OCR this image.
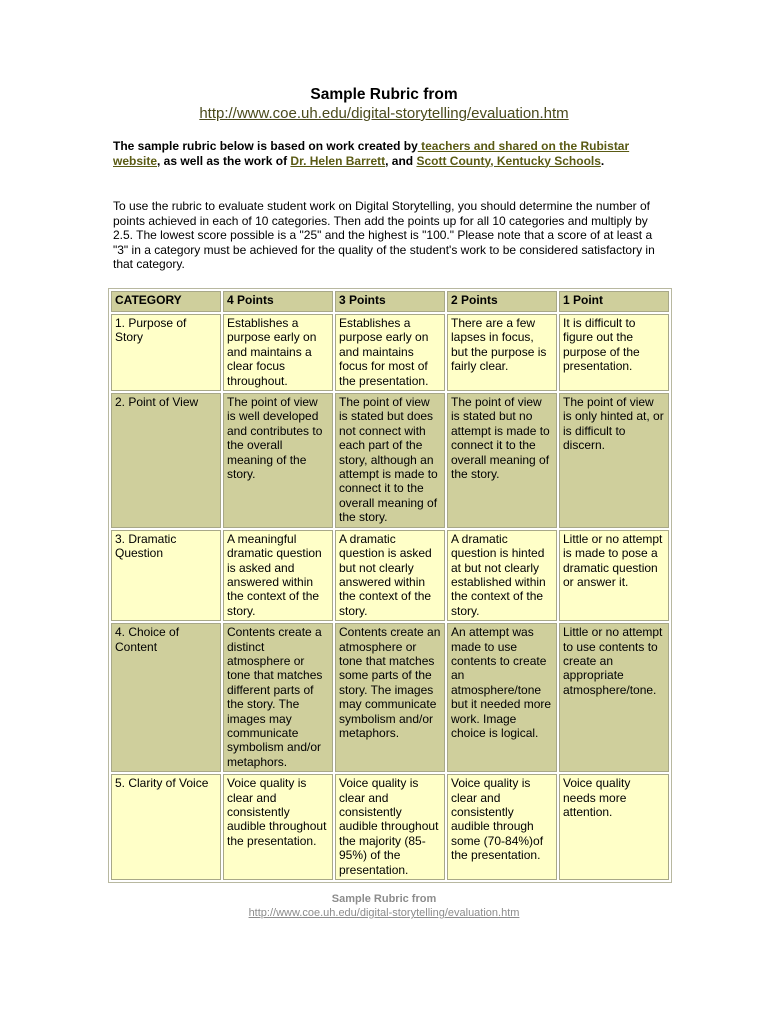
Sample Rubric from
http://www.coe.uh.edu/digital-storytelling/evaluation.htm
The sample rubric below is based on work created by teachers and shared on the Rubistar website, as well as the work of Dr. Helen Barrett, and Scott County, Kentucky Schools.
To use the rubric to evaluate student work on Digital Storytelling, you should determine the number of points achieved in each of 10 categories. Then add the points up for all 10 categories and multiply by 2.5. The lowest score possible is a "25" and the highest is "100." Please note that a score of at least a "3" in a category must be achieved for the quality of the student's work to be considered satisfactory in that category.
CATEGORY	4 Points	3 Points	2 Points	1 Point
1. Purpose of Story	Establishes a purpose early on and maintains a clear focus throughout.	Establishes a purpose early on and maintains focus for most of the presentation.	There are a few lapses in focus, but the purpose is fairly clear.	It is difficult to figure out the purpose of the presentation.
2. Point of View	The point of view is well developed and contributes to the overall meaning of the story.	The point of view is stated but does not connect with each part of the story, although an attempt is made to connect it to the overall meaning of the story.	The point of view is stated but no attempt is made to connect it to the overall meaning of the story.	The point of view is only hinted at, or is difficult to discern.
3. Dramatic Question	A meaningful dramatic question is asked and answered within the context of the story.	A dramatic question is asked but not clearly answered within the context of the story.	A dramatic question is hinted at but not clearly established within the context of the story.	Little or no attempt is made to pose a dramatic question or answer it.
4. Choice of Content	Contents create a distinct atmosphere or tone that matches different parts of the story. The images may communicate symbolism and/or metaphors.	Contents create an atmosphere or tone that matches some parts of the story. The images may communicate symbolism and/or metaphors.	An attempt was made to use contents to create an atmosphere/tone but it needed more work. Image choice is logical.	Little or no attempt to use contents to create an appropriate atmosphere/tone.
5. Clarity of Voice	Voice quality is clear and consistently audible throughout the presentation.	Voice quality is clear and consistently audible throughout the majority (85-95%) of the presentation.	Voice quality is clear and consistently audible through some (70-84%)of the presentation.	Voice quality needs more attention.
Sample Rubric from
http://www.coe.uh.edu/digital-storytelling/evaluation.htm
